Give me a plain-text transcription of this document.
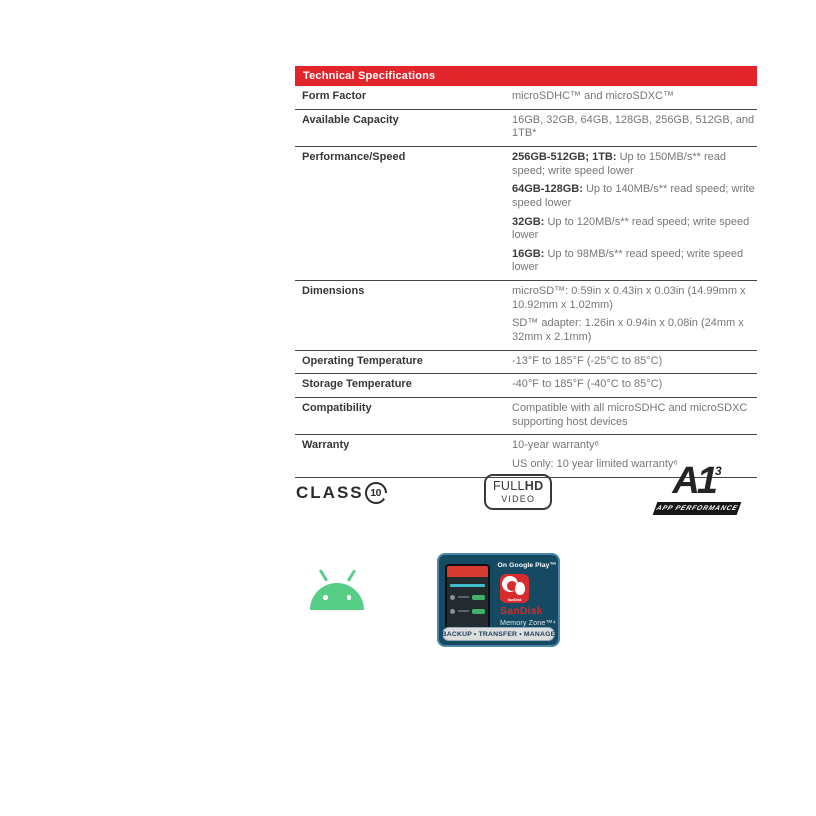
Technical Specifications
Form Factor	microSDHC™ and microSDXC™

Available Capacity	16GB, 32GB, 64GB, 128GB, 256GB, 512GB, and 1TB*

Performance/Speed	256GB-512GB; 1TB: Up to 150MB/s** read speed; write speed lower

64GB-128GB: Up to 140MB/s** read speed; write speed lower

32GB: Up to 120MB/s** read speed; write speed lower

16GB: Up to 98MB/s** read speed; write speed lower

Dimensions	microSD™: 0.59in x 0.43in x 0.03in (14.99mm x 10.92mm x 1.02mm)

SD™ adapter: 1.26in x 0.94in x 0.08in (24mm x 32mm x 2.1mm)

Operating Temperature	-13°F to 185°F (-25°C to 85°C)

Storage Temperature	-40°F to 185°F (-40°C to 85°C)

Compatibility	Compatible with all microSDHC and microSDXC supporting host devices

Warranty	10-year warranty⁶

US only: 10 year limited warranty⁶

CLASS 10	FULLHD
VIDEO	$A1^3$
APP PERFORMANCE
On Google Play™
SanDisk
SanDisk
Memory Zone™⁴
BACKUP • TRANSFER • MANAGE
